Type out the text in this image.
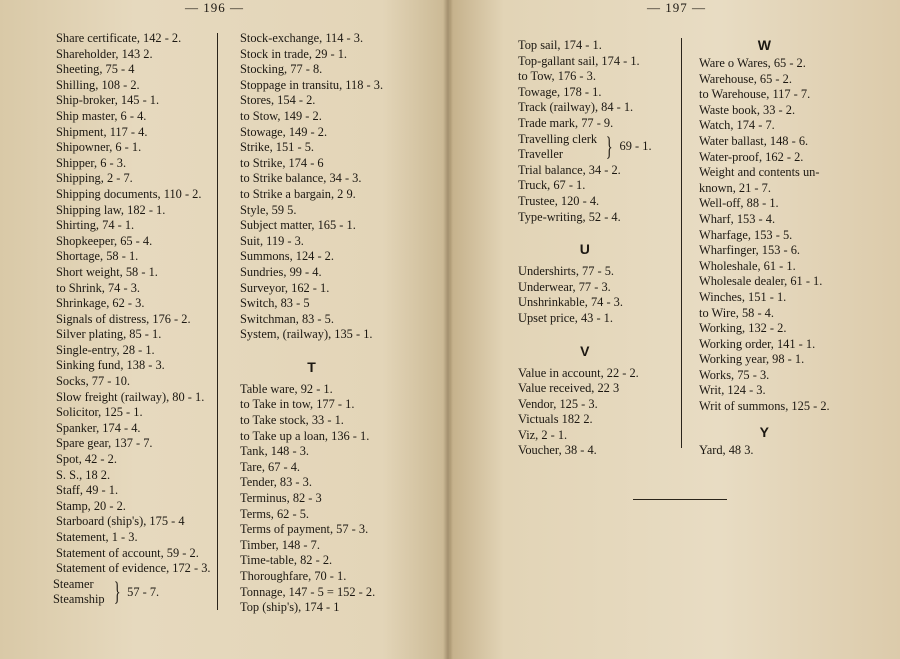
— 196 —
Share certificate, 142 - 2.
Shareholder, 143 2.
Sheeting, 75 - 4
Shilling, 108 - 2.
Ship-broker, 145 - 1.
Ship master, 6 - 4.
Shipment, 117 - 4.
Shipowner, 6 - 1.
Shipper, 6 - 3.
Shipping, 2 - 7.
Shipping documents, 110 - 2.
Shipping law, 182 - 1.
Shirting, 74 - 1.
Shopkeeper, 65 - 4.
Shortage, 58 - 1.
Short weight, 58 - 1.
to Shrink, 74 - 3.
Shrinkage, 62 - 3.
Signals of distress, 176 - 2.
Silver plating, 85 - 1.
Single-entry, 28 - 1.
Sinking fund, 138 - 3.
Socks, 77 - 10.
Slow freight (railway), 80 - 1.
Solicitor, 125 - 1.
Spanker, 174 - 4.
Spare gear, 137 - 7.
Spot, 42 - 2.
S. S., 18 2.
Staff, 49 - 1.
Stamp, 20 - 2.
Starboard (ship's), 175 - 4
Statement, 1 - 3.
Statement of account, 59 - 2.
Statement of evidence, 172 - 3.
Steamer
Steamship } 57 - 7.
Stock-exchange, 114 - 3.
Stock in trade, 29 - 1.
Stocking, 77 - 8.
Stoppage in transitu, 118 - 3.
Stores, 154 - 2.
to Stow, 149 - 2.
Stowage, 149 - 2.
Strike, 151 - 5.
to Strike, 174 - 6
to Strike balance, 34 - 3.
to Strike a bargain, 2 9.
Style, 59 5.
Subject matter, 165 - 1.
Suit, 119 - 3.
Summons, 124 - 2.
Sundries, 99 - 4.
Surveyor, 162 - 1.
Switch, 83 - 5
Switchman, 83 - 5.
System, (railway), 135 - 1.
T
Table ware, 92 - 1.
to Take in tow, 177 - 1.
to Take stock, 33 - 1.
to Take up a loan, 136 - 1.
Tank, 148 - 3.
Tare, 67 - 4.
Tender, 83 - 3.
Terminus, 82 - 3
Terms, 62 - 5.
Terms of payment, 57 - 3.
Timber, 148 - 7.
Time-table, 82 - 2.
Thoroughfare, 70 - 1.
Tonnage, 147 - 5 = 152 - 2.
Top (ship's), 174 - 1
— 197 —
Top sail, 174 - 1.
Top-gallant sail, 174 - 1.
to Tow, 176 - 3.
Towage, 178 - 1.
Track (railway), 84 - 1.
Trade mark, 77 - 9.
Travelling clerk
Traveller	} 69 - 1.
Trial balance, 34 - 2.
Truck, 67 - 1.
Trustee, 120 - 4.
Type-writing, 52 - 4.
U
Undershirts, 77 - 5.
Underwear, 77 - 3.
Unshrinkable, 74 - 3.
Upset price, 43 - 1.
V
Value in account, 22 - 2.
Value received, 22 3
Vendor, 125 - 3.
Victuals 182 2.
Viz, 2 - 1.
Voucher, 38 - 4.
W
Ware o Wares, 65 - 2.
Warehouse, 65 - 2.
to Warehouse, 117 - 7.
Waste book, 33 - 2.
Watch, 174 - 7.
Water ballast, 148 - 6.
Water-proof, 162 - 2.
Weight and contents un-
known, 21 - 7.
Well-off, 88 - 1.
Wharf, 153 - 4.
Wharfage, 153 - 5.
Wharfinger, 153 - 6.
Wholeshale, 61 - 1.
Wholesale dealer, 61 - 1.
Winches, 151 - 1.
to Wire, 58 - 4.
Working, 132 - 2.
Working order, 141 - 1.
Working year, 98 - 1.
Works, 75 - 3.
Writ, 124 - 3.
Writ of summons, 125 - 2.
Y
Yard, 48 3.
